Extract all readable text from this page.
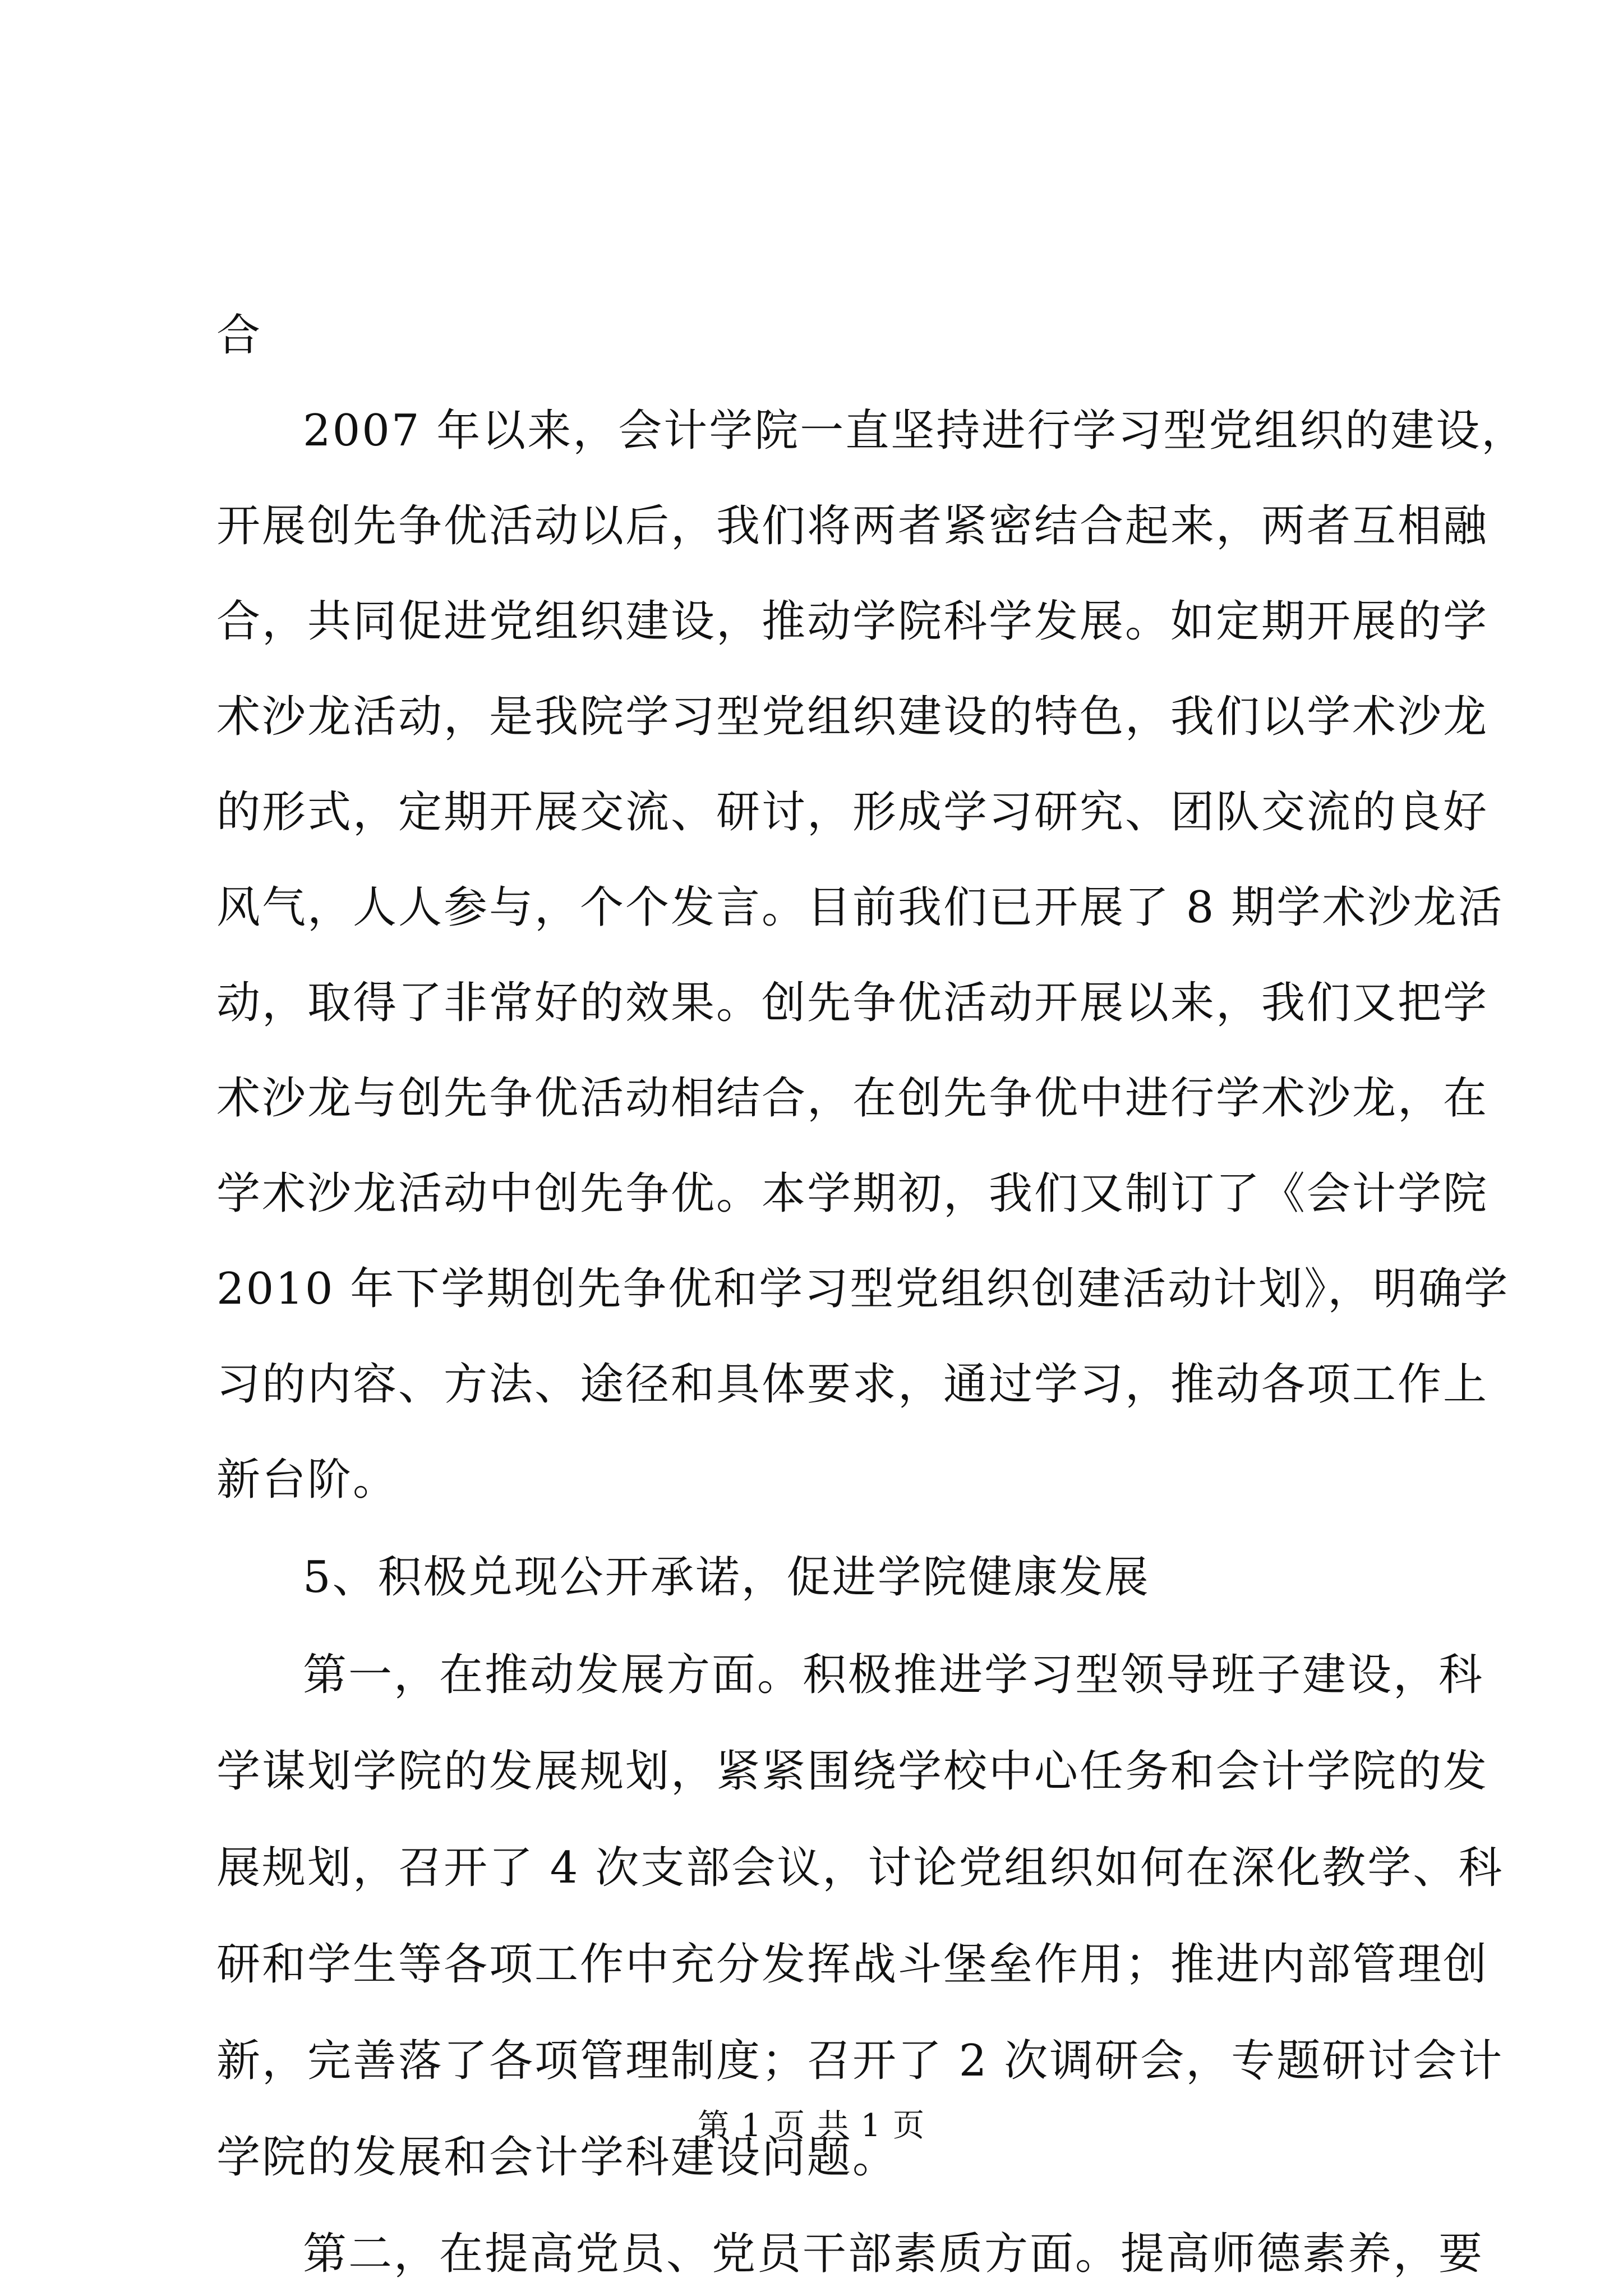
合
2007 年以来，会计学院一直坚持进行学习型党组织的建设，
开展创先争优活动以后，我们将两者紧密结合起来，两者互相融
合，共同促进党组织建设，推动学院科学发展。如定期开展的学
术沙龙活动，是我院学习型党组织建设的特色，我们以学术沙龙
的形式，定期开展交流、研讨，形成学习研究、团队交流的良好
风气，人人参与，个个发言。目前我们已开展了 8 期学术沙龙活
动，取得了非常好的效果。创先争优活动开展以来，我们又把学
术沙龙与创先争优活动相结合，在创先争优中进行学术沙龙，在
学术沙龙活动中创先争优。本学期初，我们又制订了《会计学院
2010 年下学期创先争优和学习型党组织创建活动计划》，明确学
习的内容、方法、途径和具体要求，通过学习，推动各项工作上
新台阶。
5、积极兑现公开承诺，促进学院健康发展
第一，在推动发展方面。积极推进学习型领导班子建设，科
学谋划学院的发展规划，紧紧围绕学校中心任务和会计学院的发
展规划，召开了 4 次支部会议，讨论党组织如何在深化教学、科
研和学生等各项工作中充分发挥战斗堡垒作用；推进内部管理创
新，完善落了各项管理制度；召开了 2 次调研会，专题研讨会计
学院的发展和会计学科建设问题。
第二，在提高党员、党员干部素质方面。提高师德素养，要
第 1 页 共 1 页
